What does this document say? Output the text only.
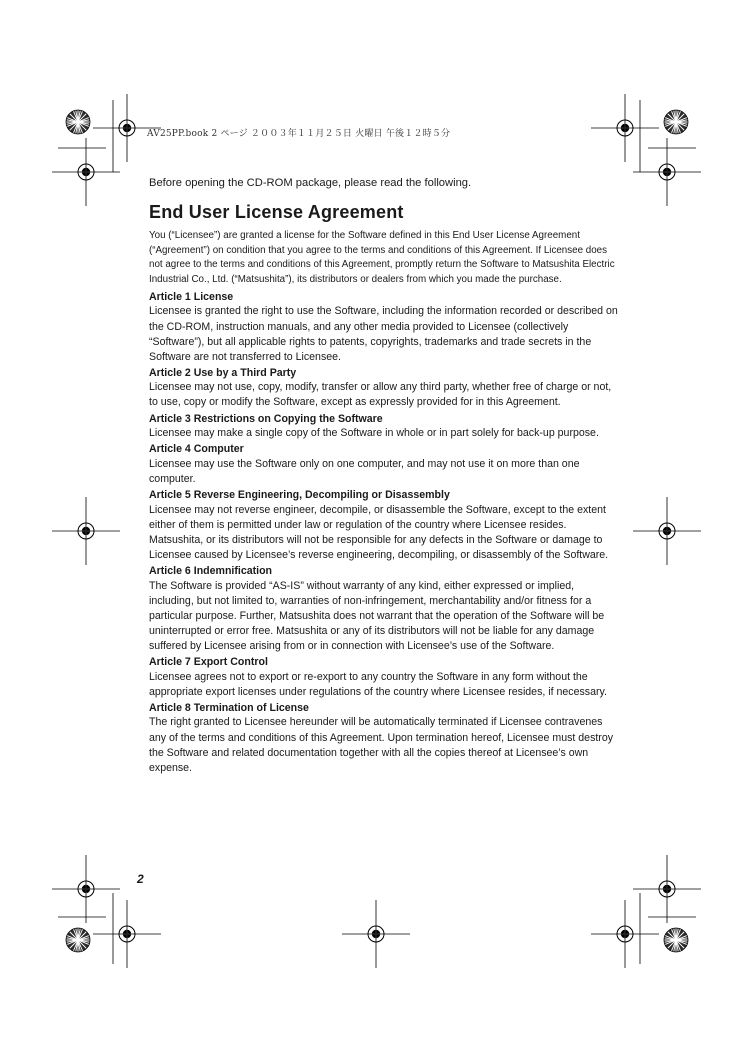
AV25PP.book 2 ページ ２００３年１１月２５日 火曜日 午後１２時５分

Before opening the CD-ROM package, please read the following.

End User License Agreement

You (“Licensee”) are granted a license for the Software defined in this End User License Agreement (“Agreement”) on condition that you agree to the terms and conditions of this Agreement. If Licensee does not agree to the terms and conditions of this Agreement, promptly return the Software to Matsushita Electric Industrial Co., Ltd. (“Matsushita”), its distributors or dealers from which you made the purchase.

Article 1 License
Licensee is granted the right to use the Software, including the information recorded or described on the CD-ROM, instruction manuals, and any other media provided to Licensee (collectively “Software”), but all applicable rights to patents, copyrights, trademarks and trade secrets in the Software are not transferred to Licensee.
Article 2 Use by a Third Party
Licensee may not use, copy, modify, transfer or allow any third party, whether free of charge or not, to use, copy or modify the Software, except as expressly provided for in this Agreement.
Article 3 Restrictions on Copying the Software
Licensee may make a single copy of the Software in whole or in part solely for back-up purpose.
Article 4 Computer
Licensee may use the Software only on one computer, and may not use it on more than one computer.
Article 5 Reverse Engineering, Decompiling or Disassembly
Licensee may not reverse engineer, decompile, or disassemble the Software, except to the extent either of them is permitted under law or regulation of the country where Licensee resides. Matsushita, or its distributors will not be responsible for any defects in the Software or damage to Licensee caused by Licensee’s reverse engineering, decompiling, or disassembly of the Software.
Article 6 Indemnification
The Software is provided “AS-IS” without warranty of any kind, either expressed or implied, including, but not limited to, warranties of non-infringement, merchantability and/or fitness for a particular purpose. Further, Matsushita does not warrant that the operation of the Software will be uninterrupted or error free. Matsushita or any of its distributors will not be liable for any damage suffered by Licensee arising from or in connection with Licensee’s use of the Software.
Article 7 Export Control
Licensee agrees not to export or re-export to any country the Software in any form without the appropriate export licenses under regulations of the country where Licensee resides, if necessary.
Article 8 Termination of License
The right granted to Licensee hereunder will be automatically terminated if Licensee contravenes any of the terms and conditions of this Agreement. Upon termination hereof, Licensee must destroy the Software and related documentation together with all the copies thereof at Licensee’s own expense.
2
